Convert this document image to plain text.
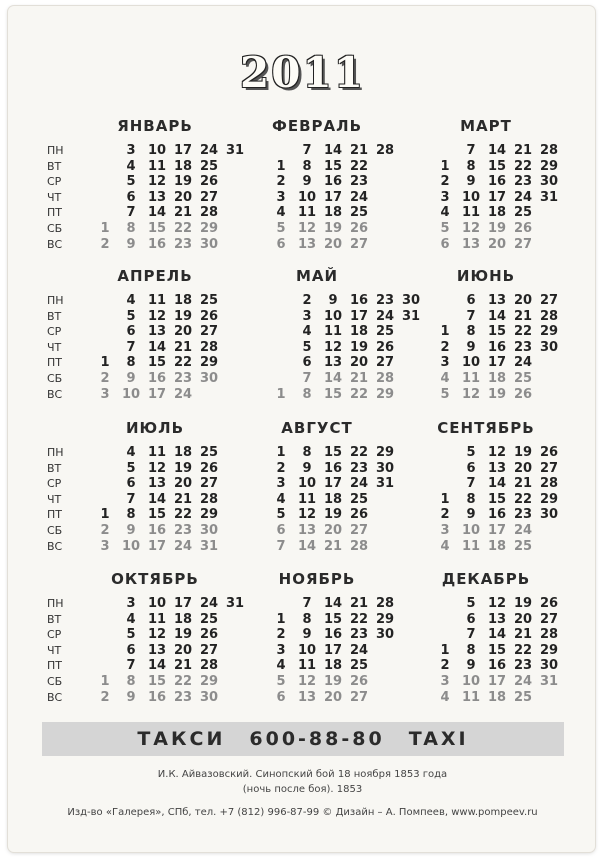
2011
ЯНВАРЬ
ПН
ВТ
СР
ЧТ
ПТ
СБ
ВС
1
2
3
4
5
6
7
8
9
10
11
12
13
14
15
16
17
18
19
20
21
22
23
24
25
26
27
28
29
30
31
ФЕВРАЛЬ
1
2
3
4
5
6
7
8
9
10
11
12
13
14
15
16
17
18
19
20
21
22
23
24
25
26
27
28
МАРТ
1
2
3
4
5
6
7
8
9
10
11
12
13
14
15
16
17
18
19
20
21
22
23
24
25
26
27
28
29
30
31
АПРЕЛЬ
ПН
ВТ
СР
ЧТ
ПТ
СБ
ВС
1
2
3
4
5
6
7
8
9
10
11
12
13
14
15
16
17
18
19
20
21
22
23
24
25
26
27
28
29
30
МАЙ
1
2
3
4
5
6
7
8
9
10
11
12
13
14
15
16
17
18
19
20
21
22
23
24
25
26
27
28
29
30
31
ИЮНЬ
1
2
3
4
5
6
7
8
9
10
11
12
13
14
15
16
17
18
19
20
21
22
23
24
25
26
27
28
29
30
ИЮЛЬ
ПН
ВТ
СР
ЧТ
ПТ
СБ
ВС
1
2
3
4
5
6
7
8
9
10
11
12
13
14
15
16
17
18
19
20
21
22
23
24
25
26
27
28
29
30
31
АВГУСТ
1
2
3
4
5
6
7
8
9
10
11
12
13
14
15
16
17
18
19
20
21
22
23
24
25
26
27
28
29
30
31
СЕНТЯБРЬ
1
2
3
4
5
6
7
8
9
10
11
12
13
14
15
16
17
18
19
20
21
22
23
24
25
26
27
28
29
30
ОКТЯБРЬ
ПН
ВТ
СР
ЧТ
ПТ
СБ
ВС
1
2
3
4
5
6
7
8
9
10
11
12
13
14
15
16
17
18
19
20
21
22
23
24
25
26
27
28
29
30
31
НОЯБРЬ
1
2
3
4
5
6
7
8
9
10
11
12
13
14
15
16
17
18
19
20
21
22
23
24
25
26
27
28
29
30
ДЕКАБРЬ
1
2
3
4
5
6
7
8
9
10
11
12
13
14
15
16
17
18
19
20
21
22
23
24
25
26
27
28
29
30
31
ТАКСИ 600-88-80 TAXI
И.К. Айвазовский. Синопский бой 18 ноября 1853 года
(ночь после боя). 1853
Изд-во «Галерея», СПб, тел. +7 (812) 996-87-99 © Дизайн – А. Помпеев, www.pompeev.ru
